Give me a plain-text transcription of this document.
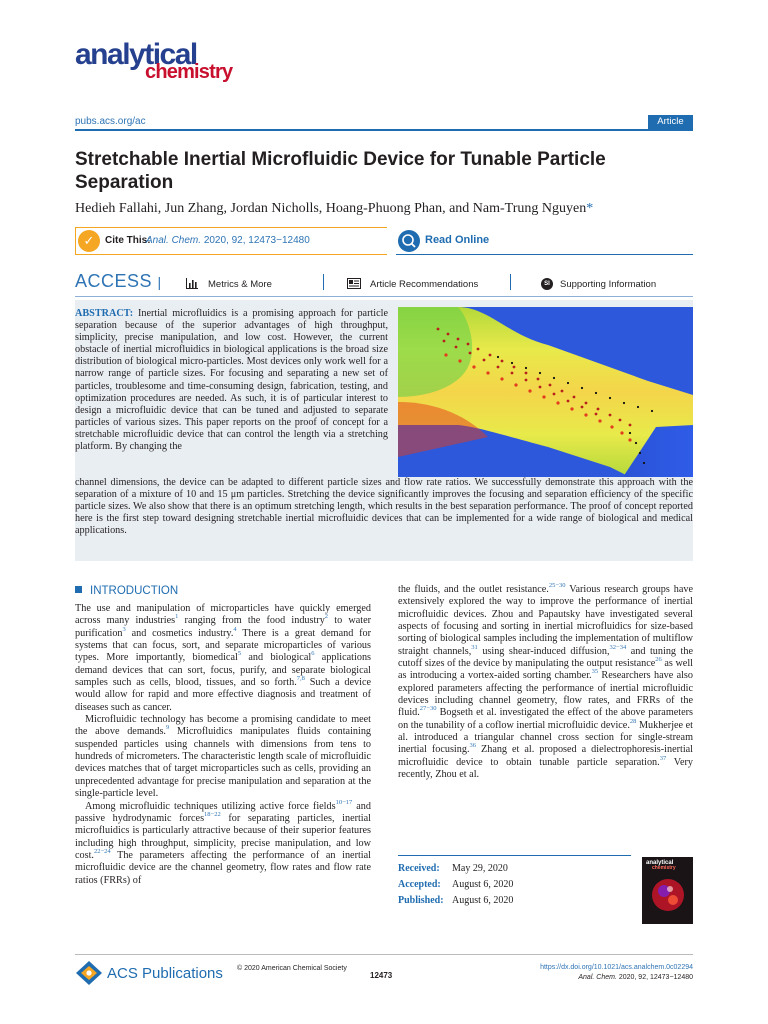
analytical
chemistry
pubs.acs.org/ac	Article
Stretchable Inertial Microfluidic Device for Tunable Particle Separation
Hedieh Fallahi, Jun Zhang, Jordan Nicholls, Hoang-Phuong Phan, and Nam-Trung Nguyen*
✓	Cite This:
Anal. Chem. 2020, 92, 12473−12480	Read Online
ACCESS |	Metrics & More	Article Recommendations	SI	Supporting Information
ABSTRACT: Inertial microfluidics is a promising approach for particle separation because of the superior advantages of high throughput, simplicity, precise manipulation, and low cost. However, the current obstacle of inertial microfluidics in biological applications is the broad size distribution of biological micro-particles. Most devices only work well for a narrow range of particle sizes. For focusing and separating a new set of particles, troublesome and time-consuming design, fabrication, testing, and optimization procedures are needed. As such, it is of particular interest to design a microfluidic device that can be tuned and adjusted to separate particles of various sizes. This paper reports on the proof of concept for a stretchable microfluidic device that can control the length via a stretching platform. By changing the
channel dimensions, the device can be adapted to different particle sizes and flow rate ratios. We successfully demonstrate this approach with the separation of a mixture of 10 and 15 μm particles. Stretching the device significantly improves the focusing and separation efficiency of the specific particle sizes. We also show that there is an optimum stretching length, which results in the best separation performance. The proof of concept reported here is the first step toward designing stretchable inertial microfluidic devices that can be implemented for a wide range of biological and medical applications.
INTRODUCTION

The use and manipulation of microparticles have quickly emerged across many industries$^1$ ranging from the food industry$^2$ to water purification$^3$ and cosmetics industry.$^4$ There is a great demand for systems that can focus, sort, and separate microparticles of various types. More importantly, biomedical$^5$ and biological$^6$ applications demand devices that can sort, focus, purify, and separate biological samples such as cells, blood, tissues, and so forth.$^{7,8}$ Such a device would allow for rapid and more effective diagnosis and treatment of diseases such as cancer.

Microfluidic technology has become a promising candidate to meet the above demands.$^9$ Microfluidics manipulates fluids containing suspended particles using channels with dimensions from tens to hundreds of micrometers. The characteristic length scale of microfluidic devices matches that of target microparticles such as cells, providing an unprecedented advantage for precise manipulation and separation at the single-particle level.

Among microfluidic techniques utilizing active force fields$^{10-17}$ and passive hydrodynamic forces$^{18-22}$ for separating particles, inertial microfluidics is particularly attractive because of their superior features including high throughput, simplicity, precise manipulation, and low cost.$^{22-24}$ The parameters affecting the performance of an inertial microfluidic device are the channel geometry, flow rates and flow rate ratios (FRRs) of

the fluids, and the outlet resistance.$^{25-30}$ Various research groups have extensively explored the way to improve the performance of inertial microfluidic devices. Zhou and Papautsky have investigated several aspects of focusing and sorting in inertial microfluidics for size-based sorting of biological samples including the implementation of multiflow straight channels,$^{31}$ using shear-induced diffusion,$^{32-34}$ and tuning the cutoff sizes of the device by manipulating the output resistance$^{26}$ as well as introducing a vortex-aided sorting chamber.$^{35}$ Researchers have also explored parameters affecting the performance of inertial microfluidic devices including channel geometry, flow rates, and FRRs of the fluid.$^{27-30}$ Bogseth et al. investigated the effect of the above parameters on the tunability of a coflow inertial microfluidic device.$^{28}$ Mukherjee et al. introduced a triangular channel cross section for single-stream inertial focusing.$^{36}$ Zhang et al. proposed a dielectrophoresis-inertial microfluidic device to obtain tunable particle separation.$^{37}$ Very recently, Zhou et al.

Received: May 29, 2020
Accepted: August 6, 2020
Published: August 6, 2020
analytical
chemistry
ACS Publications © 2020 American Chemical Society
12473
https://dx.doi.org/10.1021/acs.analchem.0c02294
Anal. Chem. 2020, 92, 12473−12480
